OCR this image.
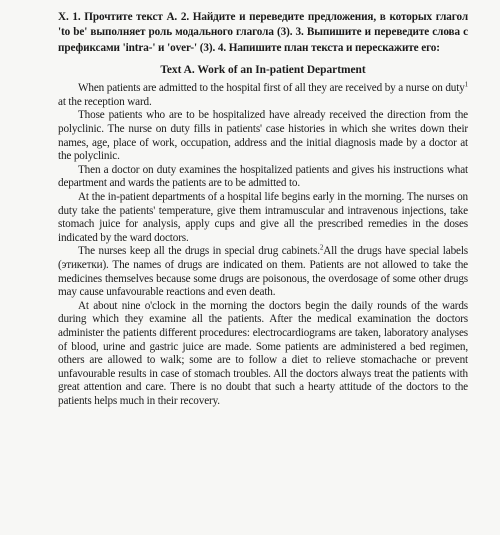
X. 1. Прочтите текст А. 2. Найдите и переведите предложения, в которых глагол 'to be' выполняет роль модального глагола (3). 3. Выпишите и переведите слова с префиксами 'intra-' и 'over-' (3). 4. Напишите план текста и перескажите его:

Text A. Work of an In-patient Department

When patients are admitted to the hospital first of all they are received by a nurse on duty$^1$ at the reception ward.

Those patients who are to be hospitalized have already received the direction from the polyclinic. The nurse on duty fills in patients' case histories in which she writes down their names, age, place of work, occupation, address and the initial diagnosis made by a doctor at the polyclinic.

Then a doctor on duty examines the hospitalized patients and gives his instructions what department and wards the patients are to be admitted to.

At the in-patient departments of a hospital life begins early in the morning. The nurses on duty take the patients' temperature, give them intramuscular and intravenous injections, take stomach juice for analysis, apply cups and give all the prescribed remedies in the doses indicated by the ward doctors.

The nurses keep all the drugs in special drug cabinets.$^2$All the drugs have special labels (этикетки). The names of drugs are indicated on them. Patients are not allowed to take the medicines themselves because some drugs are poisonous, the overdosage of some other drugs may cause unfavourable reactions and even death.

At about nine o'clock in the morning the doctors begin the daily rounds of the wards during which they examine all the patients. After the medical examination the doctors administer the patients different procedures: electrocardiograms are taken, laboratory analyses of blood, urine and gastric juice are made. Some patients are administered a bed regimen, others are allowed to walk; some are to follow a diet to relieve stomachache or prevent unfavourable results in case of stomach troubles. All the doctors always treat the patients with great attention and care. There is no doubt that such a hearty attitude of the doctors to the patients helps much in their recovery.
